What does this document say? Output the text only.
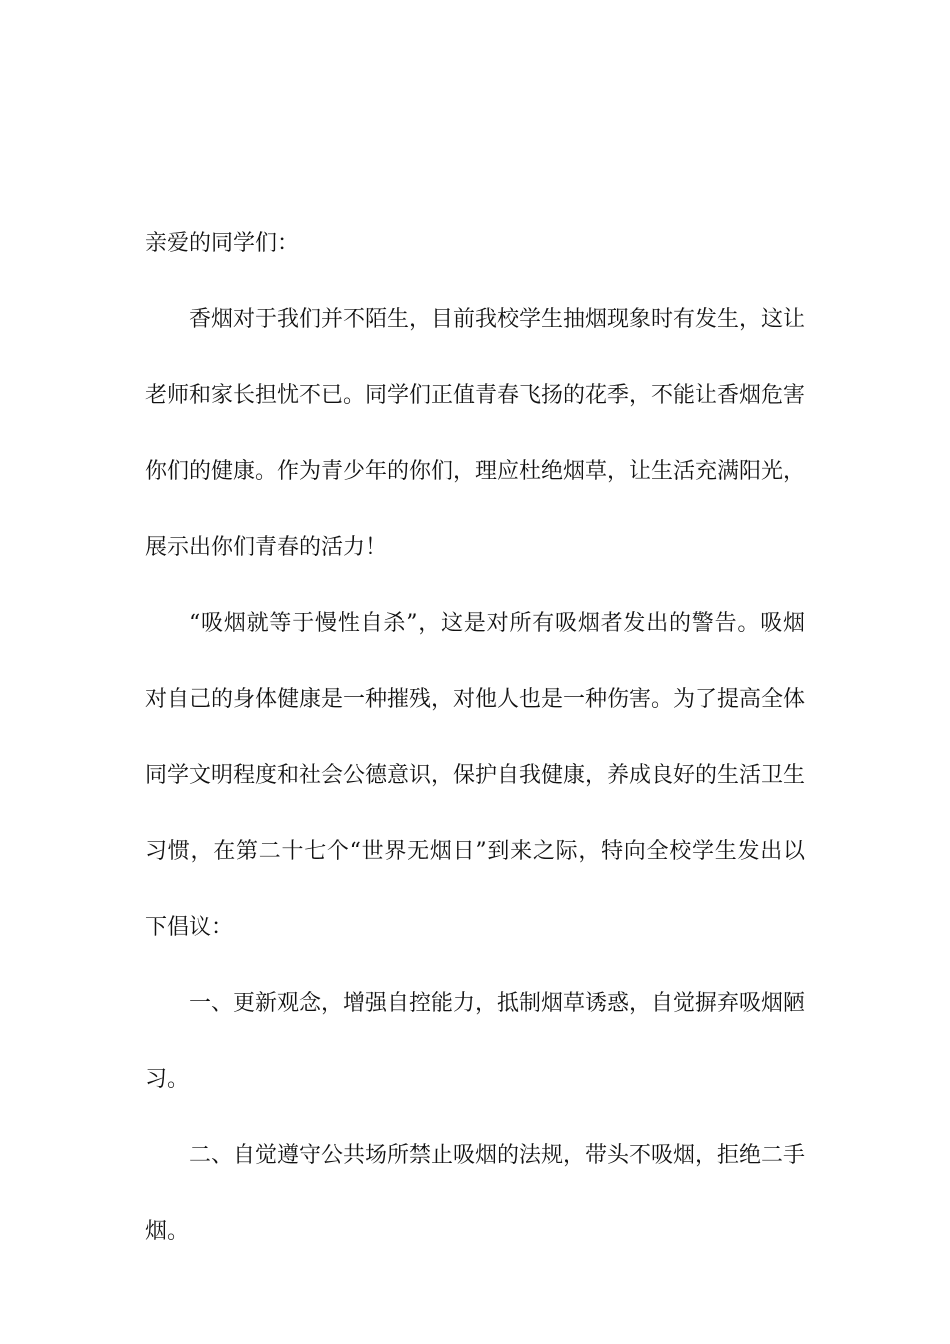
亲爱的同学们：

香烟对于我们并不陌生，目前我校学生抽烟现象时有发生，这让老师和家长担忧不已。同学们正值青春飞扬的花季，不能让香烟危害你们的健康。作为青少年的你们，理应杜绝烟草，让生活充满阳光，展示出你们青春的活力！

“吸烟就等于慢性自杀”，这是对所有吸烟者发出的警告。吸烟对自己的身体健康是一种摧残，对他人也是一种伤害。为了提高全体同学文明程度和社会公德意识，保护自我健康，养成良好的生活卫生习惯，在第二十七个“世界无烟日”到来之际，特向全校学生发出以下倡议：

一、更新观念，增强自控能力，抵制烟草诱惑，自觉摒弃吸烟陋习。

二、自觉遵守公共场所禁止吸烟的法规，带头不吸烟，拒绝二手烟。
